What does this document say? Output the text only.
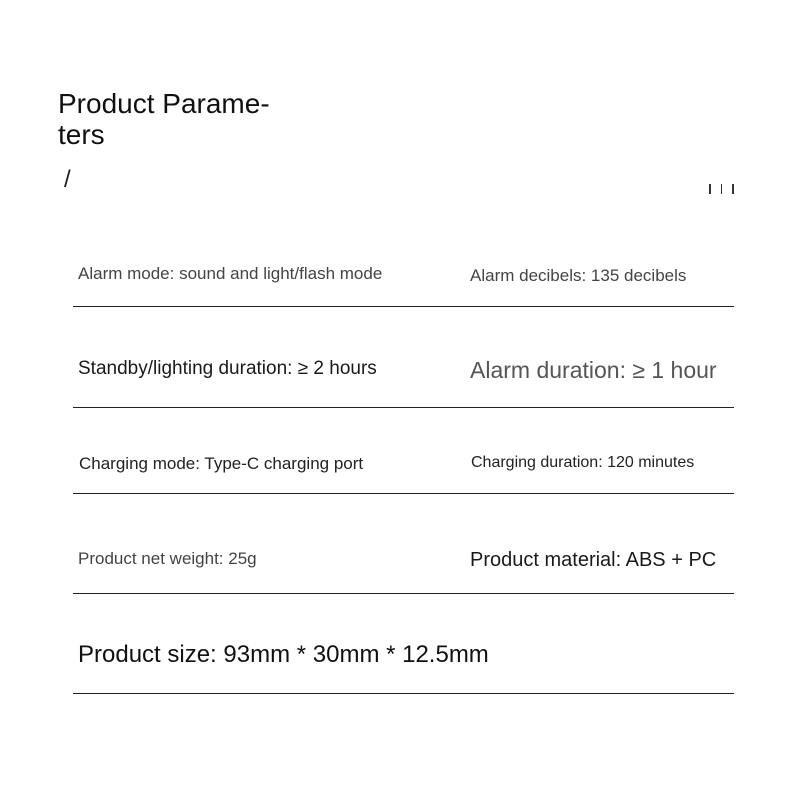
Product Parame-
ters
/
Alarm mode: sound and light/flash mode	Alarm decibels: 135 decibels
Standby/lighting duration: ≥ 2 hours	Alarm duration: ≥ 1 hour
Charging mode: Type-C charging port	Charging duration: 120 minutes
Product net weight: 25g	Product material: ABS + PC
Product size: 93mm * 30mm * 12.5mm
